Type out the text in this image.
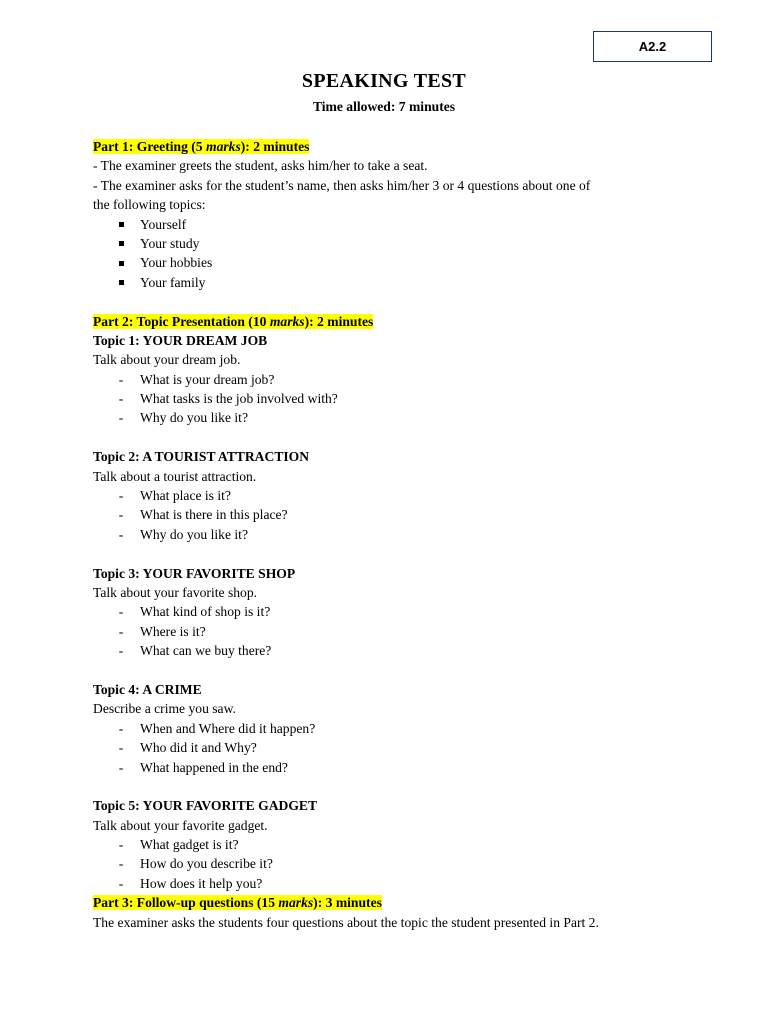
A2.2
SPEAKING TEST
Time allowed: 7 minutes
Part 1: Greeting (5 marks): 2 minutes
- The examiner greets the student, asks him/her to take a seat.
- The examiner asks for the student’s name, then asks him/her 3 or 4 questions about one of
the following topics:
Yourself
Your study
Your hobbies
Your family
Part 2: Topic Presentation (10 marks): 2 minutes
Topic 1: YOUR DREAM JOB
Talk about your dream job.
- What is your dream job?
- What tasks is the job involved with?
- Why do you like it?
Topic 2: A TOURIST ATTRACTION
Talk about a tourist attraction.
- What place is it?
- What is there in this place?
- Why do you like it?
Topic 3: YOUR FAVORITE SHOP
Talk about your favorite shop.
- What kind of shop is it?
- Where is it?
- What can we buy there?
Topic 4: A CRIME
Describe a crime you saw.
- When and Where did it happen?
- Who did it and Why?
- What happened in the end?
Topic 5: YOUR FAVORITE GADGET
Talk about your favorite gadget.
- What gadget is it?
- How do you describe it?
- How does it help you?
Part 3: Follow-up questions (15 marks): 3 minutes
The examiner asks the students four questions about the topic the student presented in Part 2.
